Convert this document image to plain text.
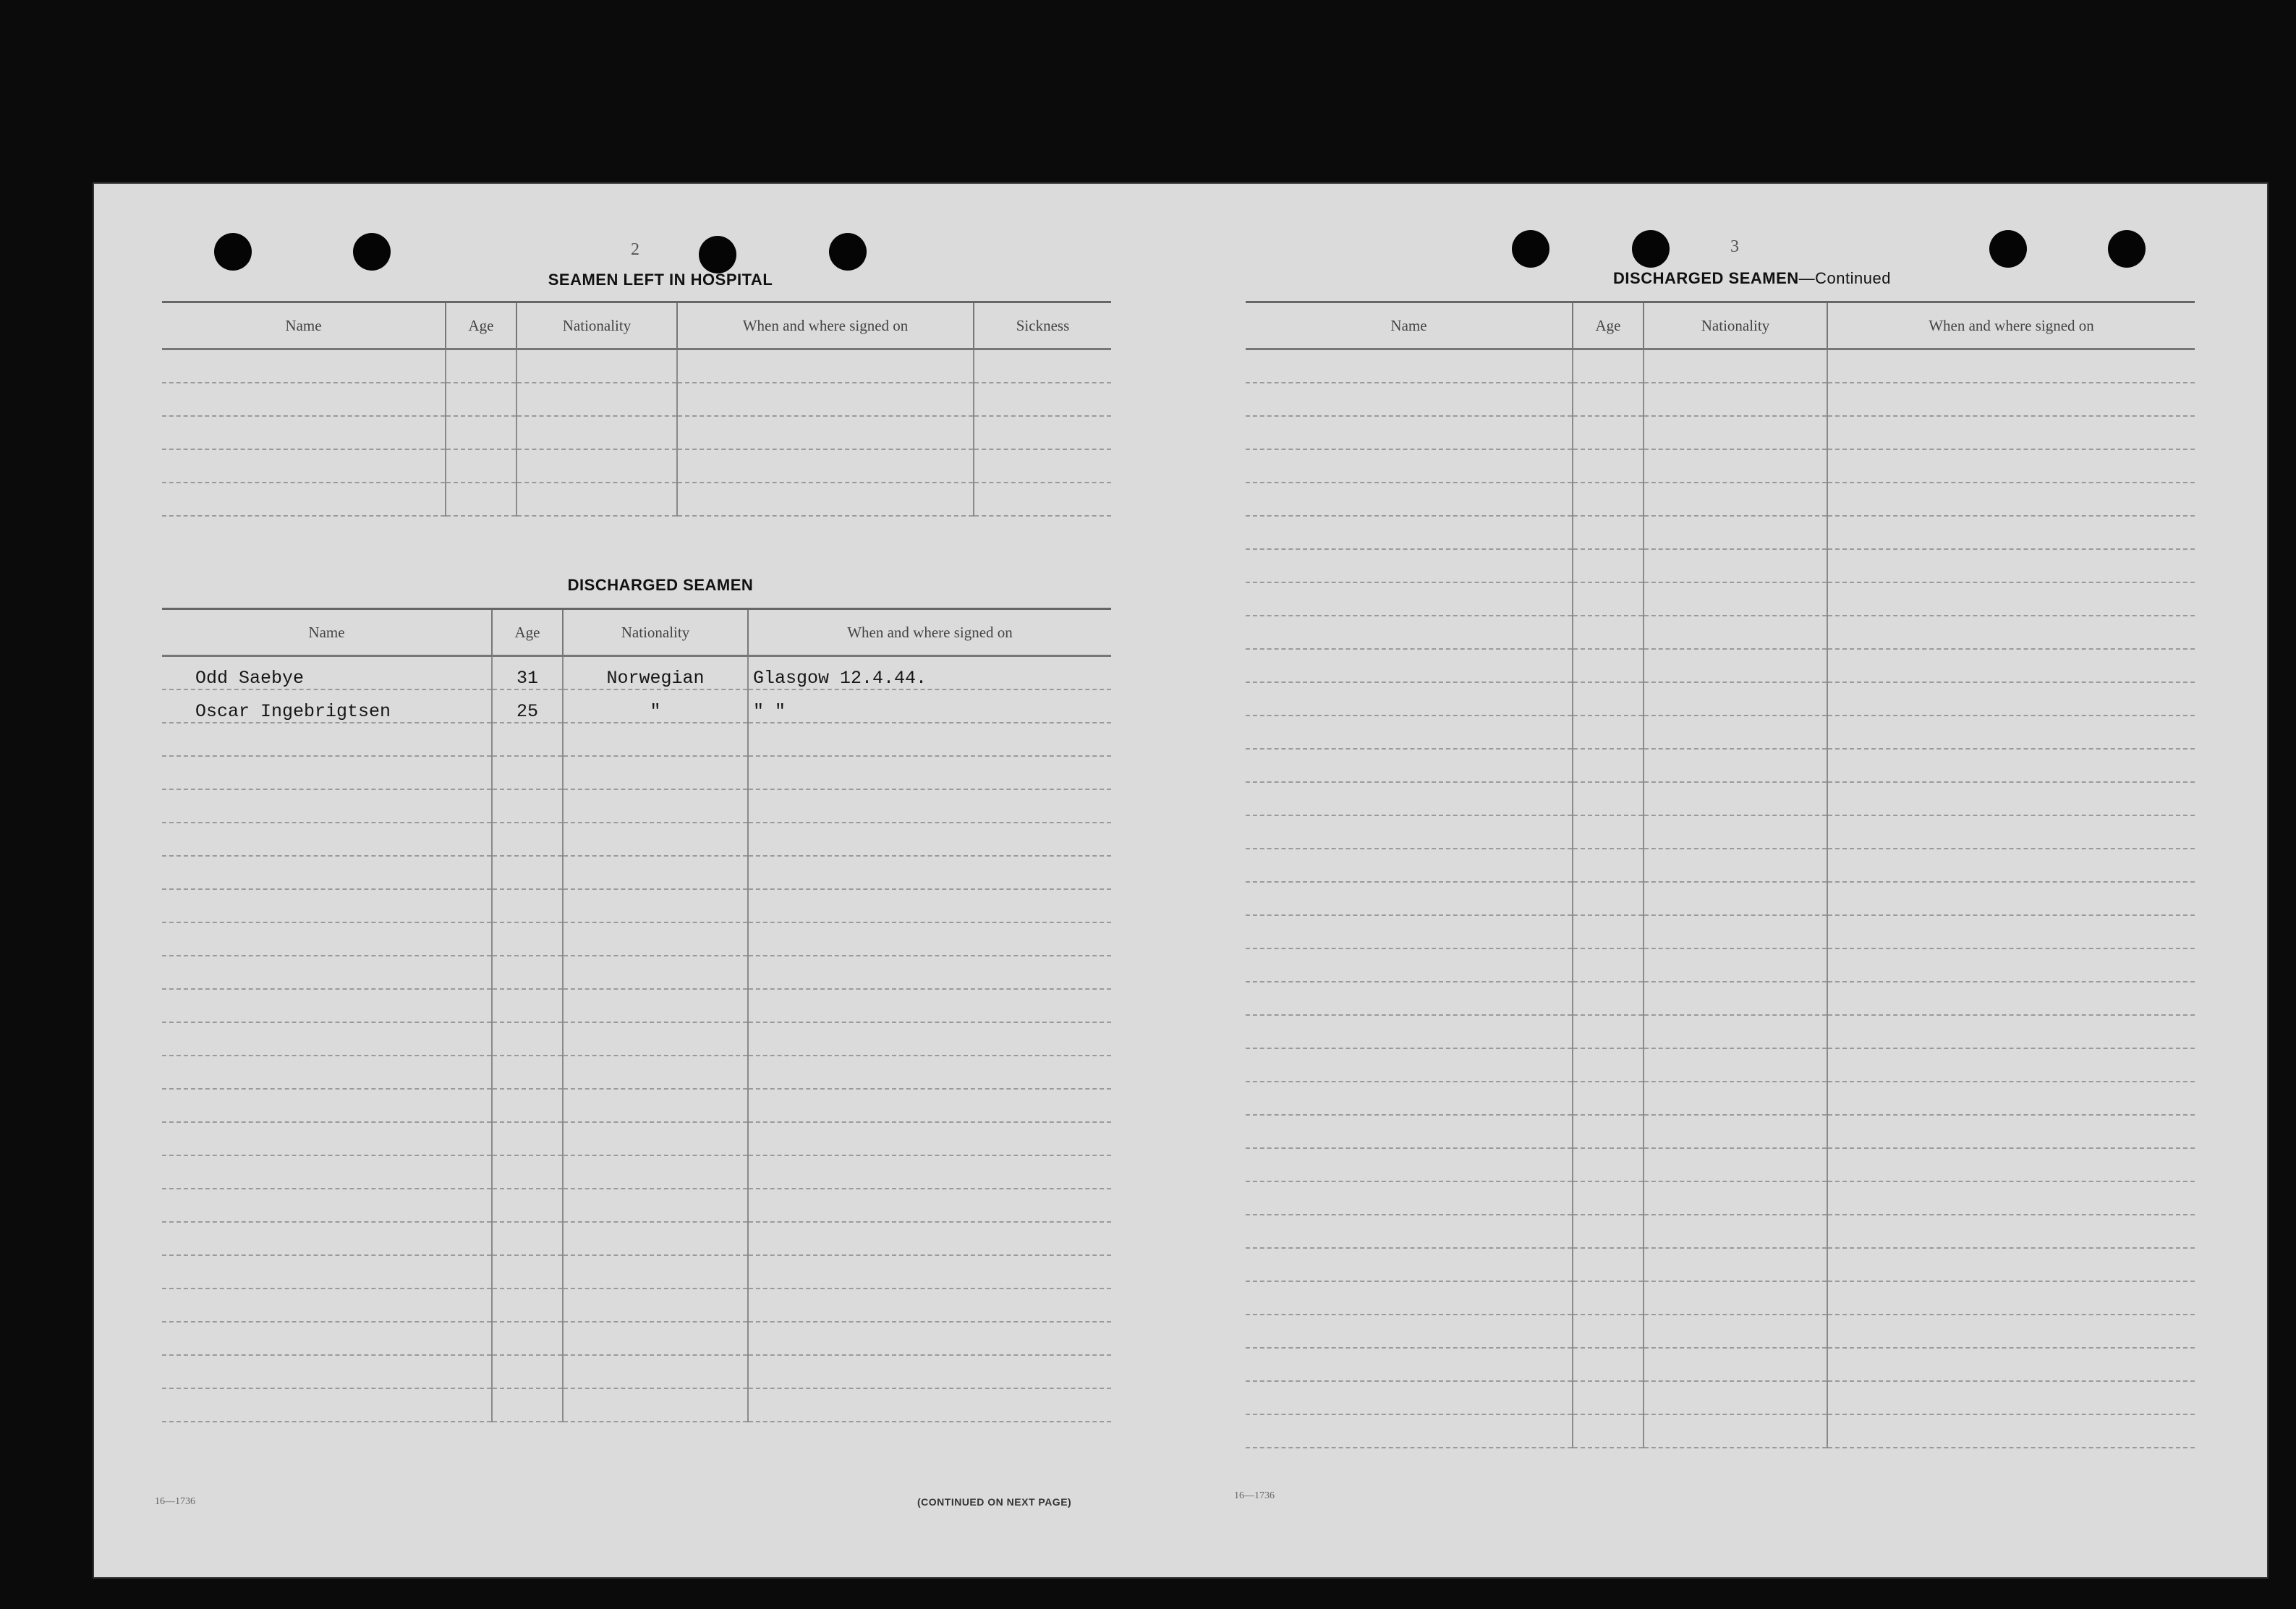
2

SEAMEN LEFT IN HOSPITAL
Name	Age	Nationality	When and where signed on	Sickness

DISCHARGED SEAMEN
Name	Age	Nationality	When and where signed on
Odd Saebye	31	Norwegian	Glasgow 12.4.44.
Oscar Ingebrigtsen	25	"	" "

16—1736	(CONTINUED ON NEXT PAGE)

3

DISCHARGED SEAMEN—Continued
Name	Age	Nationality	When and where signed on

16—1736
